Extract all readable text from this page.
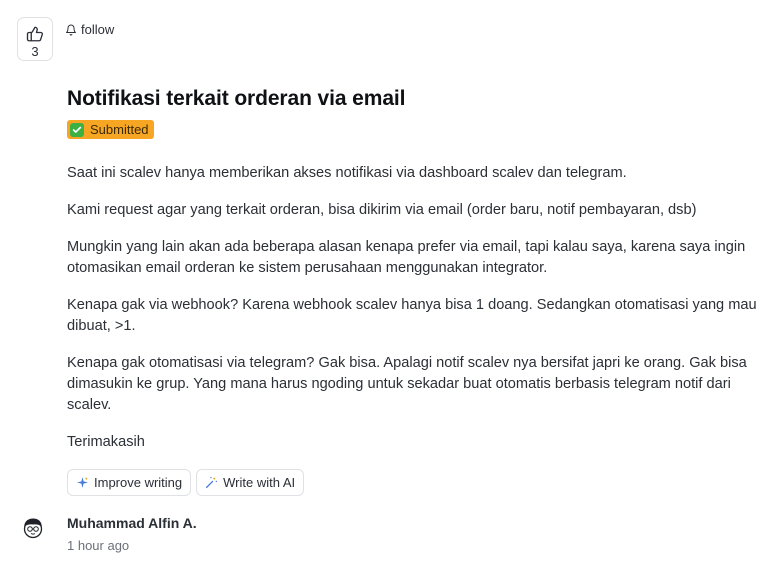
3
follow
Notifikasi terkait orderan via email
Submitted

Saat ini scalev hanya memberikan akses notifikasi via dashboard scalev dan telegram.

Kami request agar yang terkait orderan, bisa dikirim via email (order baru, notif pembayaran, dsb)

Mungkin yang lain akan ada beberapa alasan kenapa prefer via email, tapi kalau saya, karena saya ingin otomasikan email orderan ke sistem perusahaan menggunakan integrator.

Kenapa gak via webhook? Karena webhook scalev hanya bisa 1 doang. Sedangkan otomatisasi yang mau dibuat, >1.

Kenapa gak otomatisasi via telegram? Gak bisa. Apalagi notif scalev nya bersifat japri ke orang. Gak bisa dimasukin ke grup. Yang mana harus ngoding untuk sekadar buat otomatis berbasis telegram notif dari scalev.

Terimakasih

Improve writing	Write with AI
Muhammad Alfin A.
1 hour ago
